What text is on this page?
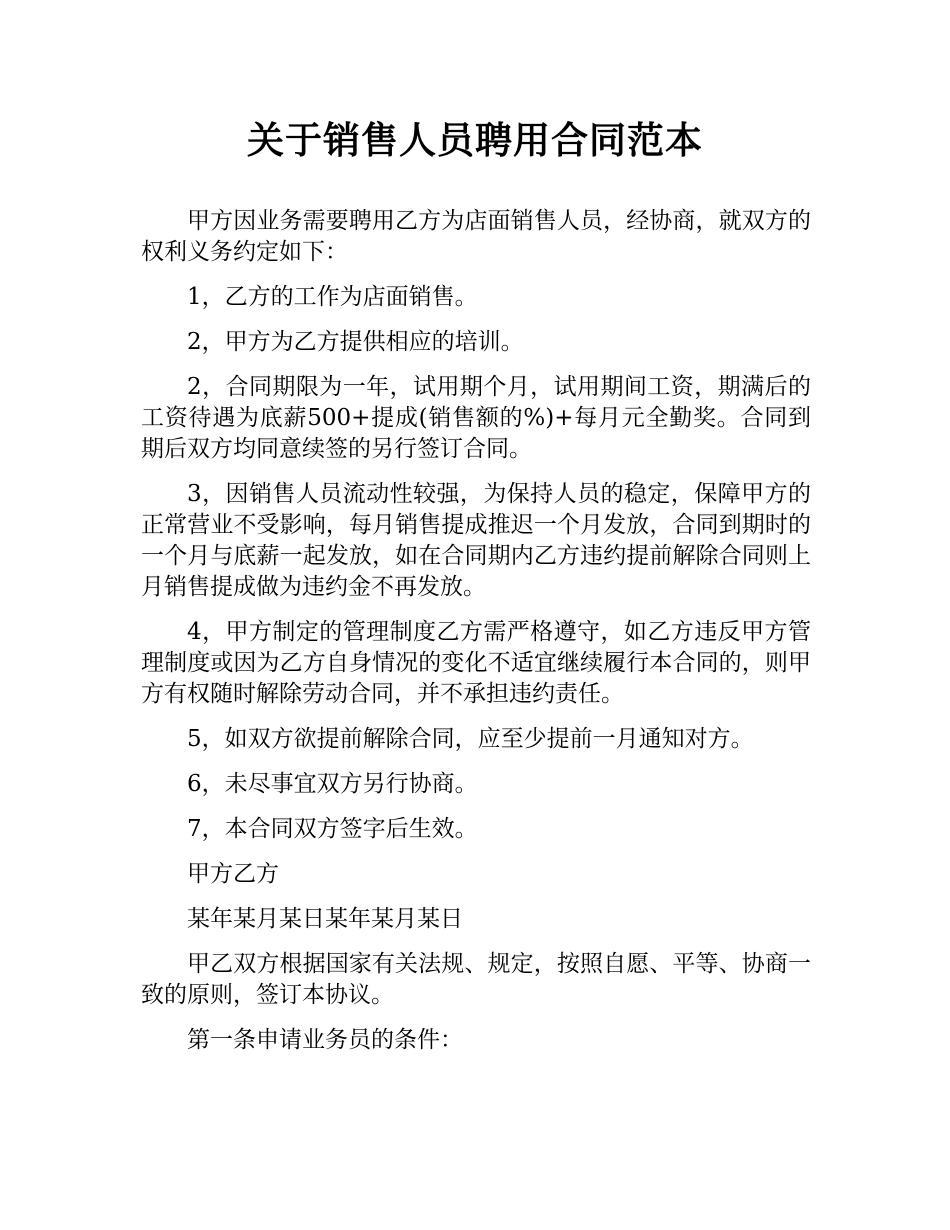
关于销售人员聘用合同范本

甲方因业务需要聘用乙方为店面销售人员，经协商，就双方的权利义务约定如下：

1，乙方的工作为店面销售。

2，甲方为乙方提供相应的培训。

2，合同期限为一年，试用期个月，试用期间工资，期满后的工资待遇为底薪500+提成(销售额的%)+每月元全勤奖。合同到期后双方均同意续签的另行签订合同。

3，因销售人员流动性较强，为保持人员的稳定，保障甲方的正常营业不受影响，每月销售提成推迟一个月发放，合同到期时的一个月与底薪一起发放，如在合同期内乙方违约提前解除合同则上月销售提成做为违约金不再发放。

4，甲方制定的管理制度乙方需严格遵守，如乙方违反甲方管理制度或因为乙方自身情况的变化不适宜继续履行本合同的，则甲方有权随时解除劳动合同，并不承担违约责任。

5，如双方欲提前解除合同，应至少提前一月通知对方。

6，未尽事宜双方另行协商。

7，本合同双方签字后生效。

甲方乙方

某年某月某日某年某月某日

甲乙双方根据国家有关法规、规定，按照自愿、平等、协商一致的原则，签订本协议。

第一条申请业务员的条件：
